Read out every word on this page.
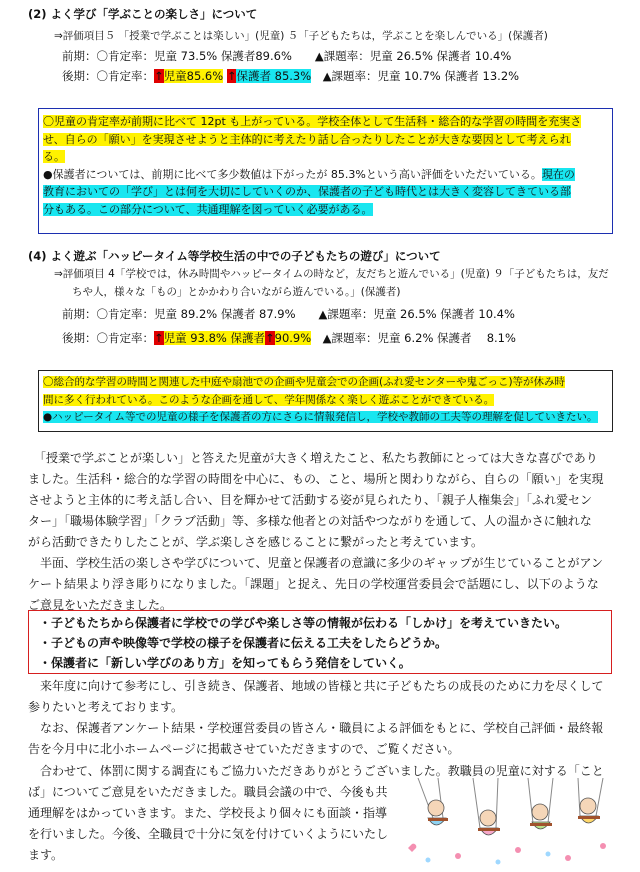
(2) よく学び「学ぶことの楽しさ」について
⇒評価項目５ 「授業で学ぶことは楽しい」(児童) ５「子どもたちは，学ぶことを楽しんでいる」(保護者)
前期：〇肯定率：児童 73.5% 保護者89.6%　　▲課題率：児童 26.5% 保護者 10.4%
後期：〇肯定率：↑児童85.6% ↑保護者 85.3%　 ▲課題率：児童 10.7% 保護者 13.2%
〇児童の肯定率が前期に比べて 12pt も上がっている。学校全体として生活科・総合的な学習の時間を充実さ
せ、自らの「願い」を実現させようと主体的に考えたり話し合ったりしたことが大きな要因として考えられ
る。
●保護者については、前期に比べて多少数値は下がったが 85.3%という高い評価をいただいている。現在の
教育においての「学び」とは何を大切にしていくのか、保護者の子ども時代とは大きく変容してきている部
分もある。この部分について、共通理解を図っていく必要がある。
(4) よく遊ぶ「ハッピータイム等学校生活の中での子どもたちの遊び」について
⇒評価項目 4「学校では，休み時間やハッピータイムの時など，友だちと遊んでいる」(児童) ９「子どもたちは，友だ
ちや人，様々な「もの」とかかわり合いながら遊んでいる。」(保護者)
前期：〇肯定率：児童 89.2% 保護者 87.9%　　▲課題率：児童 26.5% 保護者 10.4%
後期：〇肯定率：↑児童 93.8% 保護者↑90.9%　 ▲課題率：児童 6.2% 保護者　 8.1%
〇総合的な学習の時間と関連した中庭や扇池での企画や児童会での企画(ふれ愛センターや鬼ごっこ)等が休み時
間に多く行われている。このような企画を通して、学年関係なく楽しく遊ぶことができている。
●ハッピータイム等での児童の様子を保護者の方にさらに情報発信し，学校や教師の工夫等の理解を促していきたい。
　「授業で学ぶことが楽しい」と答えた児童が大きく増えたこと、私たち教師にとっては大きな喜びであり
ました。生活科・総合的な学習の時間を中心に、もの、こと、場所と関わりながら、自らの「願い」を実現
させようと主体的に考え話し合い、目を輝かせて活動する姿が見られたり、「親子人権集会」「ふれ愛セン
ター」「職場体験学習」「クラブ活動」等、多様な他者との対話やつながりを通して、人の温かさに触れな
がら活動できたりしたことが、学ぶ楽しさを感じることに繋がったと考えています。
　半面、学校生活の楽しさや学びについて、児童と保護者の意識に多少のギャップが生じていることがアン
ケート結果より浮き彫りになりました。「課題」と捉え、先日の学校運営委員会で話題にし、以下のような
ご意見をいただきました。
・子どもたちから保護者に学校での学びや楽しさ等の情報が伝わる「しかけ」を考えていきたい。
・子どもの声や映像等で学校の様子を保護者に伝える工夫をしたらどうか。
・保護者に「新しい学びのあり方」を知ってもらう発信をしていく。
　来年度に向けて参考にし、引き続き、保護者、地域の皆様と共に子どもたちの成長のために力を尽くして
参りたいと考えております。
　なお、保護者アンケート結果・学校運営委員の皆さん・職員による評価をもとに、学校自己評価・最終報
告を今月中に北小ホームページに掲載させていただきますので、ご覧ください。
　合わせて、体罰に関する調査にもご協力いただきありがとうございました。教職員の児童に対する「こと
ば」についてご意見をいただきました。職員会議の中で、今後も共
通理解をはかっていきます。また、学校長より個々にも面談・指導
を行いました。今後、全職員で十分に気を付けていくようにいたし
ます。
